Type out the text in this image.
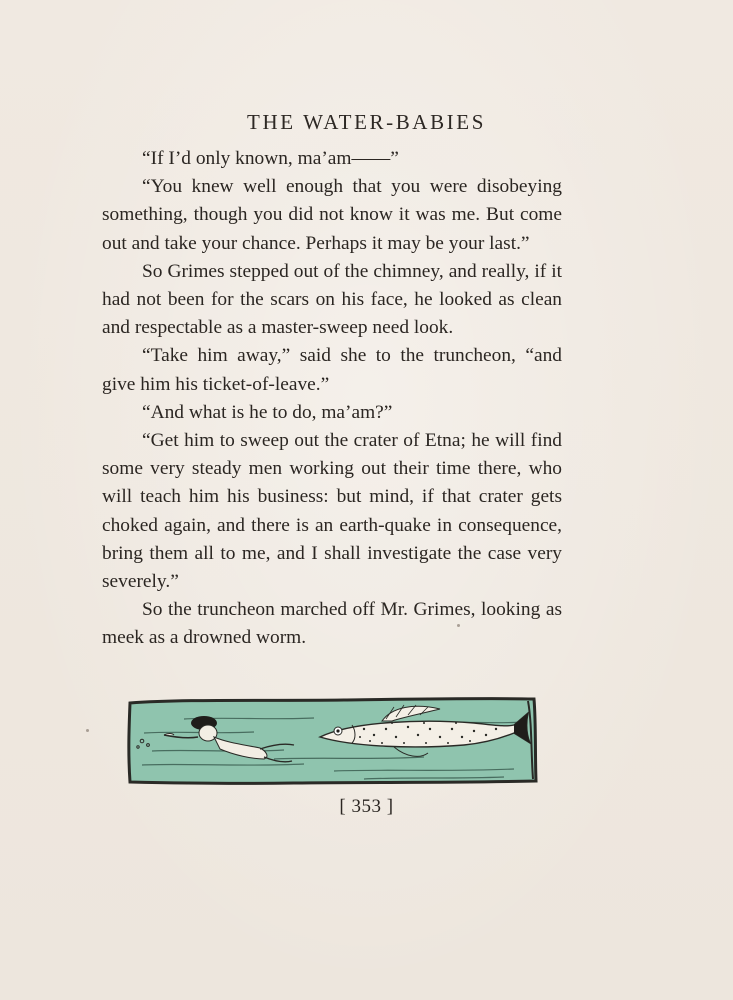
THE WATER-BABIES

“If I’d only known, ma’am——”

“You knew well enough that you were disobeying something, though you did not know it was me. But come out and take your chance. Perhaps it may be your last.”

So Grimes stepped out of the chimney, and really, if it had not been for the scars on his face, he looked as clean and respectable as a master-sweep need look.

“Take him away,” said she to the truncheon, “and give him his ticket-of-leave.”

“And what is he to do, ma’am?”

“Get him to sweep out the crater of Etna; he will find some very steady men working out their time there, who will teach him his business: but mind, if that crater gets choked again, and there is an earth-quake in consequence, bring them all to me, and I shall investigate the case very severely.”

So the truncheon marched off Mr. Grimes, looking as meek as a drowned worm.

[ 353 ]
